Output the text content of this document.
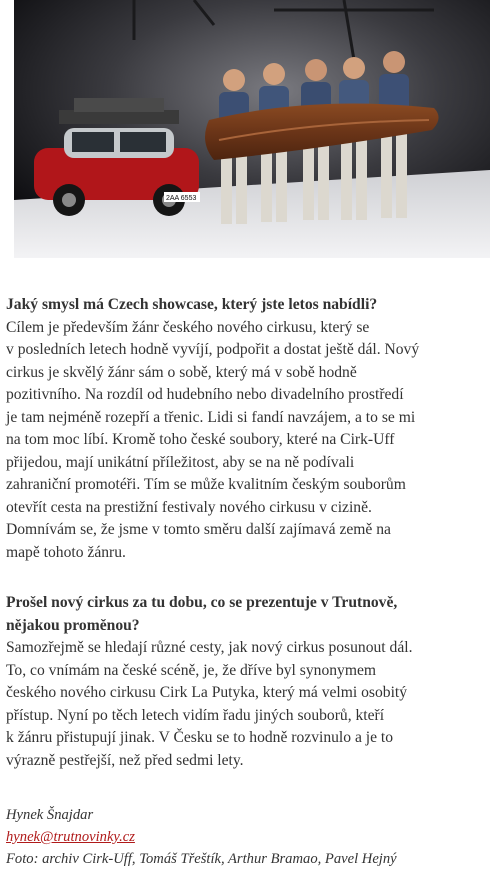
2AA 6553

Jaký smysl má Czech showcase, který jste letos nabídli?

Cílem je především žánr českého nového cirkusu, který se

v posledních letech hodně vyvíjí, podpořit a dostat ještě dál. Nový

cirkus je skvělý žánr sám o sobě, který má v sobě hodně

pozitivního. Na rozdíl od hudebního nebo divadelního prostředí

je tam nejméně rozepří a třenic. Lidi si fandí navzájem, a to se mi

na tom moc líbí. Kromě toho české soubory, které na Cirk-Uff

přijedou, mají unikátní příležitost, aby se na ně podívali

zahraniční promotéři. Tím se může kvalitním českým souborům

otevřít cesta na prestižní festivaly nového cirkusu v cizině.

Domnívám se, že jsme v tomto směru další zajímavá země na

mapě tohoto žánru.

Prošel nový cirkus za tu dobu, co se prezentuje v Trutnově,

nějakou proměnou?

Samozřejmě se hledají různé cesty, jak nový cirkus posunout dál.

To, co vnímám na české scéně, je, že dříve byl synonymem

českého nového cirkusu Cirk La Putyka, který má velmi osobitý

přístup. Nyní po těch letech vidím řadu jiných souborů, kteří

k žánru přistupují jinak. V Česku se to hodně rozvinulo a je to

výrazně pestřejší, než před sedmi lety.

Hynek Šnajdar
hynek@trutnovinky.cz
Foto: archiv Cirk-Uff, Tomáš Třeštík, Arthur Bramao, Pavel Hejný
